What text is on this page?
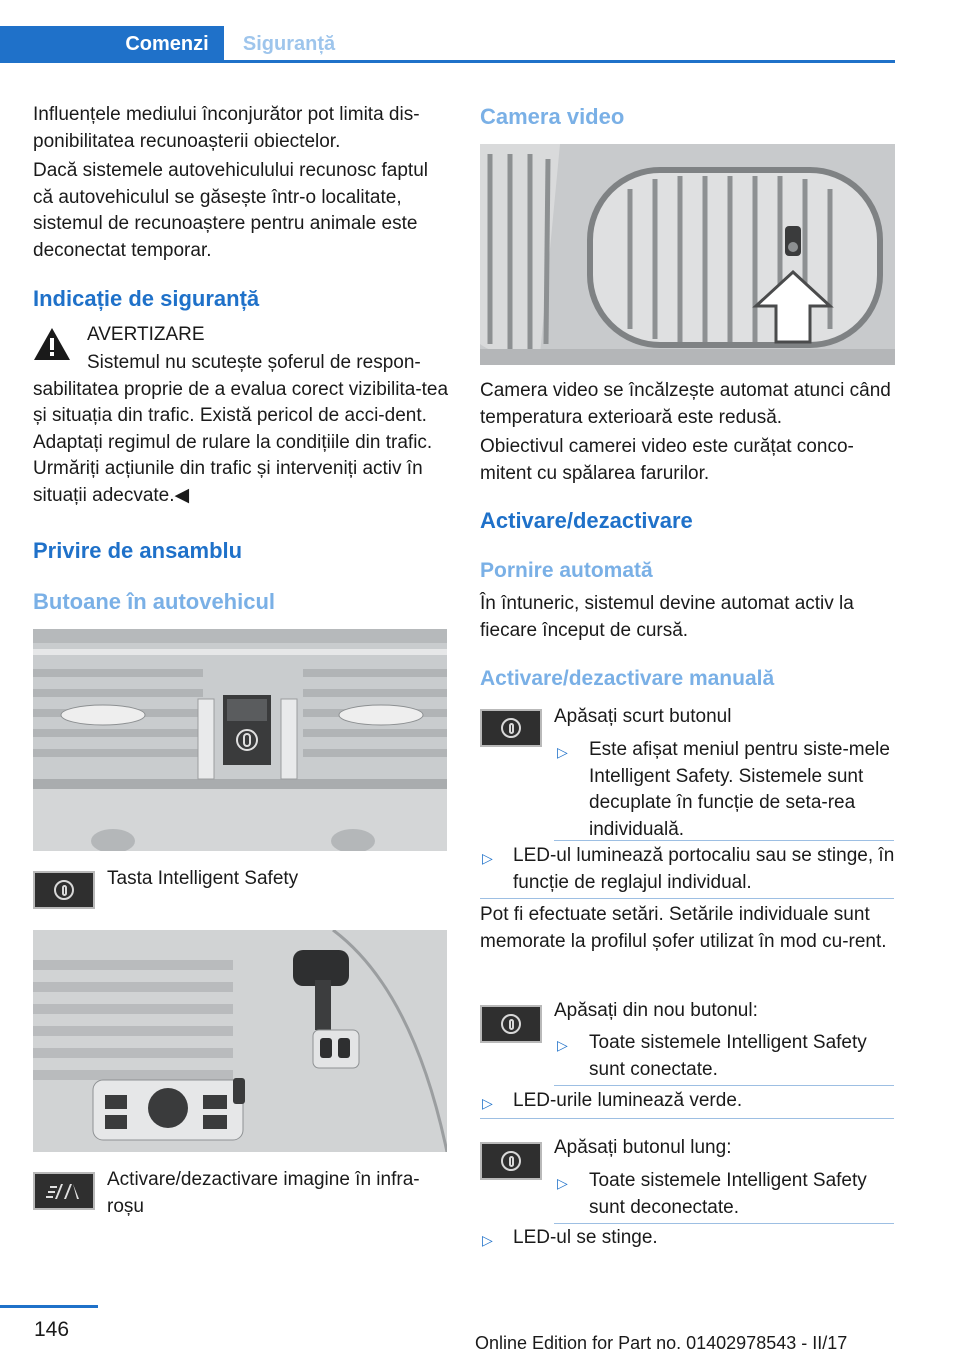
Comenzi	Siguranță
Influențele mediului înconjurător pot limita dis‐ponibilitatea recunoașterii obiectelor.
Dacă sistemele autovehiculului recunosc faptul că autovehiculul se găsește într‐o localitate, sistemul de recunoaștere pentru animale este deconectat temporar.
Indicație de siguranță
AVERTIZARE
Sistemul nu scutește șoferul de respon‐sabilitatea proprie de a evalua corect vizibilita‐tea și situația din trafic. Există pericol de acci‐dent. Adaptați regimul de rulare la condițiile din trafic. Urmăriți acțiunile din trafic și interveniți activ în situații adecvate.◀
Privire de ansamblu
Butoane în autovehicul
Tasta Intelligent Safety
Activare/dezactivare imagine în infra‐roșu
Camera video
Camera video se încălzește automat atunci când temperatura exterioară este redusă.
Obiectivul camerei video este curățat conco‐mitent cu spălarea farurilor.
Activare/dezactivare
Pornire automată
În întuneric, sistemul devine automat activ la fiecare început de cursă.
Activare/dezactivare manuală
Apăsați scurt butonul
▷ Este afișat meniul pentru siste‐mele Intelligent Safety. Sistemele sunt decuplate în funcție de seta‐rea individuală.
▷ LED‐ul luminează portocaliu sau se stinge, în funcție de reglajul individual.
Pot fi efectuate setări. Setările individuale sunt memorate la profilul șofer utilizat în mod cu‐rent.
Apăsați din nou butonul:
▷ Toate sistemele Intelligent Safety sunt conectate.
▷ LED‐urile luminează verde.
Apăsați butonul lung:
▷ Toate sistemele Intelligent Safety sunt deconectate.
▷ LED‐ul se stinge.
146
Online Edition for Part no. 01402978543 - II/17
